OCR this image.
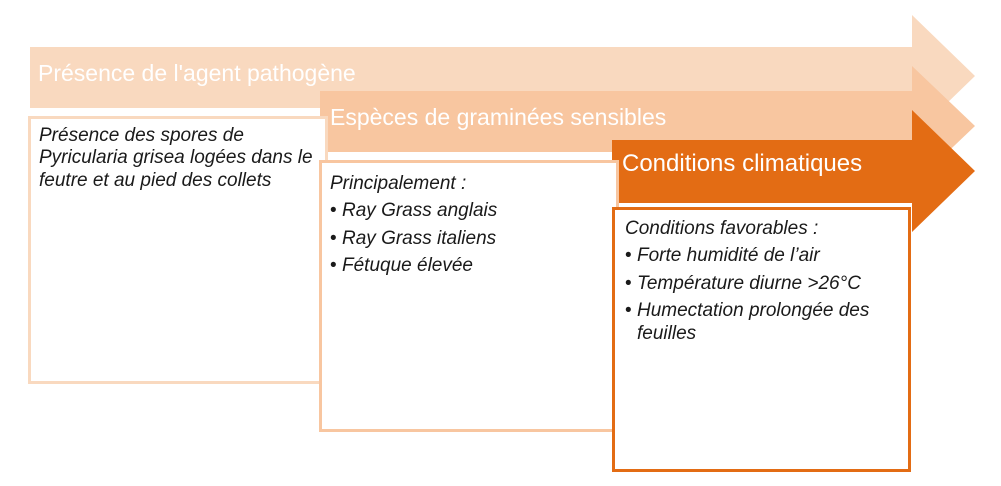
Présence de l'agent pathogène
Espèces de graminées sensibles
Conditions climatiques

Présence des spores de Pyricularia grisea logées dans le feutre et au pied des collets	Principalement :

• Ray Grass anglais
• Ray Grass italiens
• Fétuque élevée

Conditions favorables :

• Forte humidité de l’air
• Température diurne >26°C
• Humectation prolongée des feuilles
